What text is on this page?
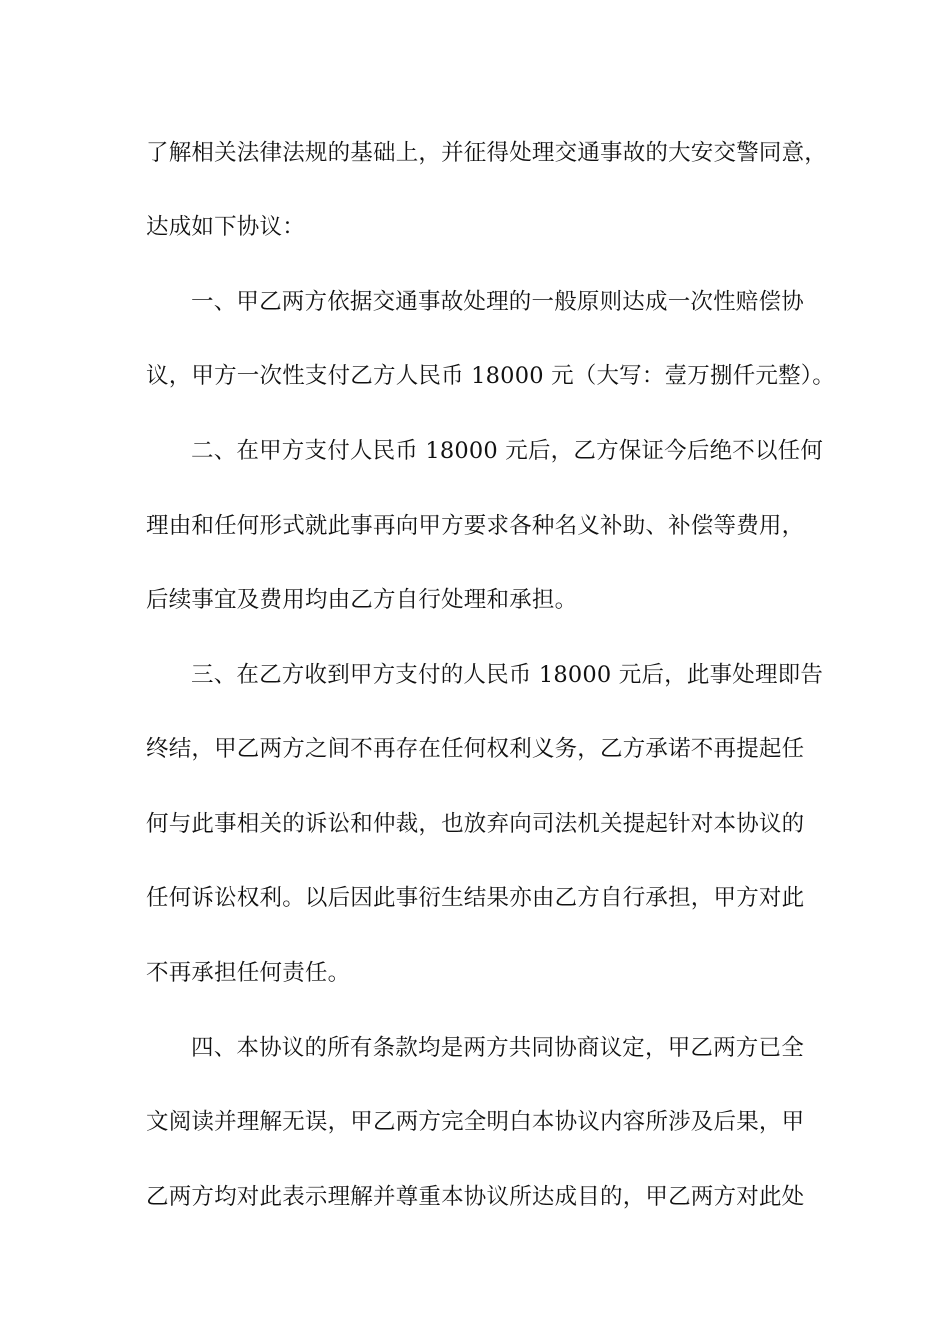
了解相关法律法规的基础上，并征得处理交通事故的大安交警同意，
达成如下协议：
一、甲乙两方依据交通事故处理的一般原则达成一次性赔偿协
议，甲方一次性支付乙方人民币 18000 元（大写：壹万捌仟元整）。
二、在甲方支付人民币 18000 元后，乙方保证今后绝不以任何
理由和任何形式就此事再向甲方要求各种名义补助、补偿等费用，
后续事宜及费用均由乙方自行处理和承担。
三、在乙方收到甲方支付的人民币 18000 元后，此事处理即告
终结，甲乙两方之间不再存在任何权利义务，乙方承诺不再提起任
何与此事相关的诉讼和仲裁，也放弃向司法机关提起针对本协议的
任何诉讼权利。以后因此事衍生结果亦由乙方自行承担，甲方对此
不再承担任何责任。
四、本协议的所有条款均是两方共同协商议定，甲乙两方已全
文阅读并理解无误，甲乙两方完全明白本协议内容所涉及后果，甲
乙两方均对此表示理解并尊重本协议所达成目的，甲乙两方对此处
